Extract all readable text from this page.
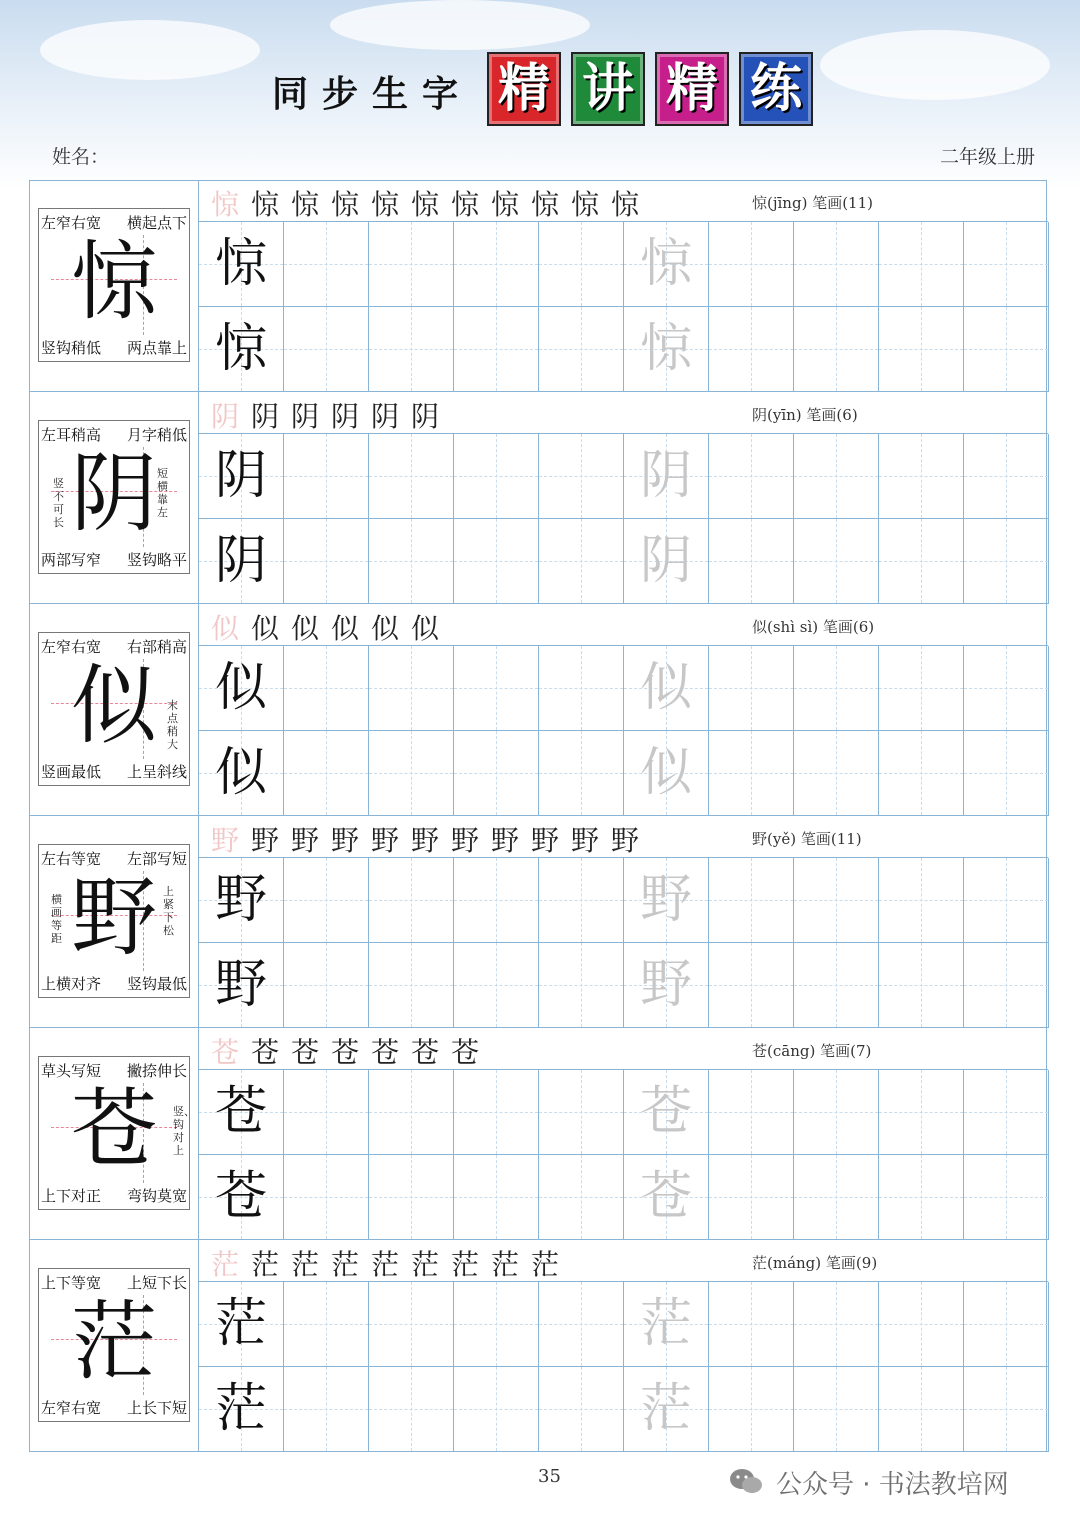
同步生字 精 讲 精 练
姓名：	二年级上册
左窄右宽 横起点下
竖钩稍低 两点靠上
惊
惊 惊 惊 惊 惊 惊 惊 惊 惊 惊 惊	惊(jīng) 笔画(11)
惊	惊
惊	惊
左耳稍高 月字稍低
两部写窄 竖钩略平
阴
竖不可长
短横靠左
阴 阴 阴 阴 阴 阴	阴(yīn) 笔画(6)
阴	阴
阴	阴
左窄右宽 右部稍高
竖画最低 上呈斜线
似 末点稍大
似 似 似 似 似 似	似(shì sì) 笔画(6)
似	似
似	似
左右等宽 左部写短
上横对齐 竖钩最低
野
横画等距
上紧下松
野 野 野 野 野 野 野 野 野 野 野	野(yě) 笔画(11)
野	野
野	野
草头写短 撇捺伸长
上下对正 弯钩莫宽
苍	竖、钩对上
苍 苍 苍 苍 苍 苍 苍	苍(cāng) 笔画(7)
苍	苍
苍	苍
上下等宽 上短下长
左窄右宽 上长下短
茫
茫 茫 茫 茫 茫 茫 茫 茫 茫	茫(máng) 笔画(9)
茫	茫
茫	茫
35	公众号 · 书法教培网
